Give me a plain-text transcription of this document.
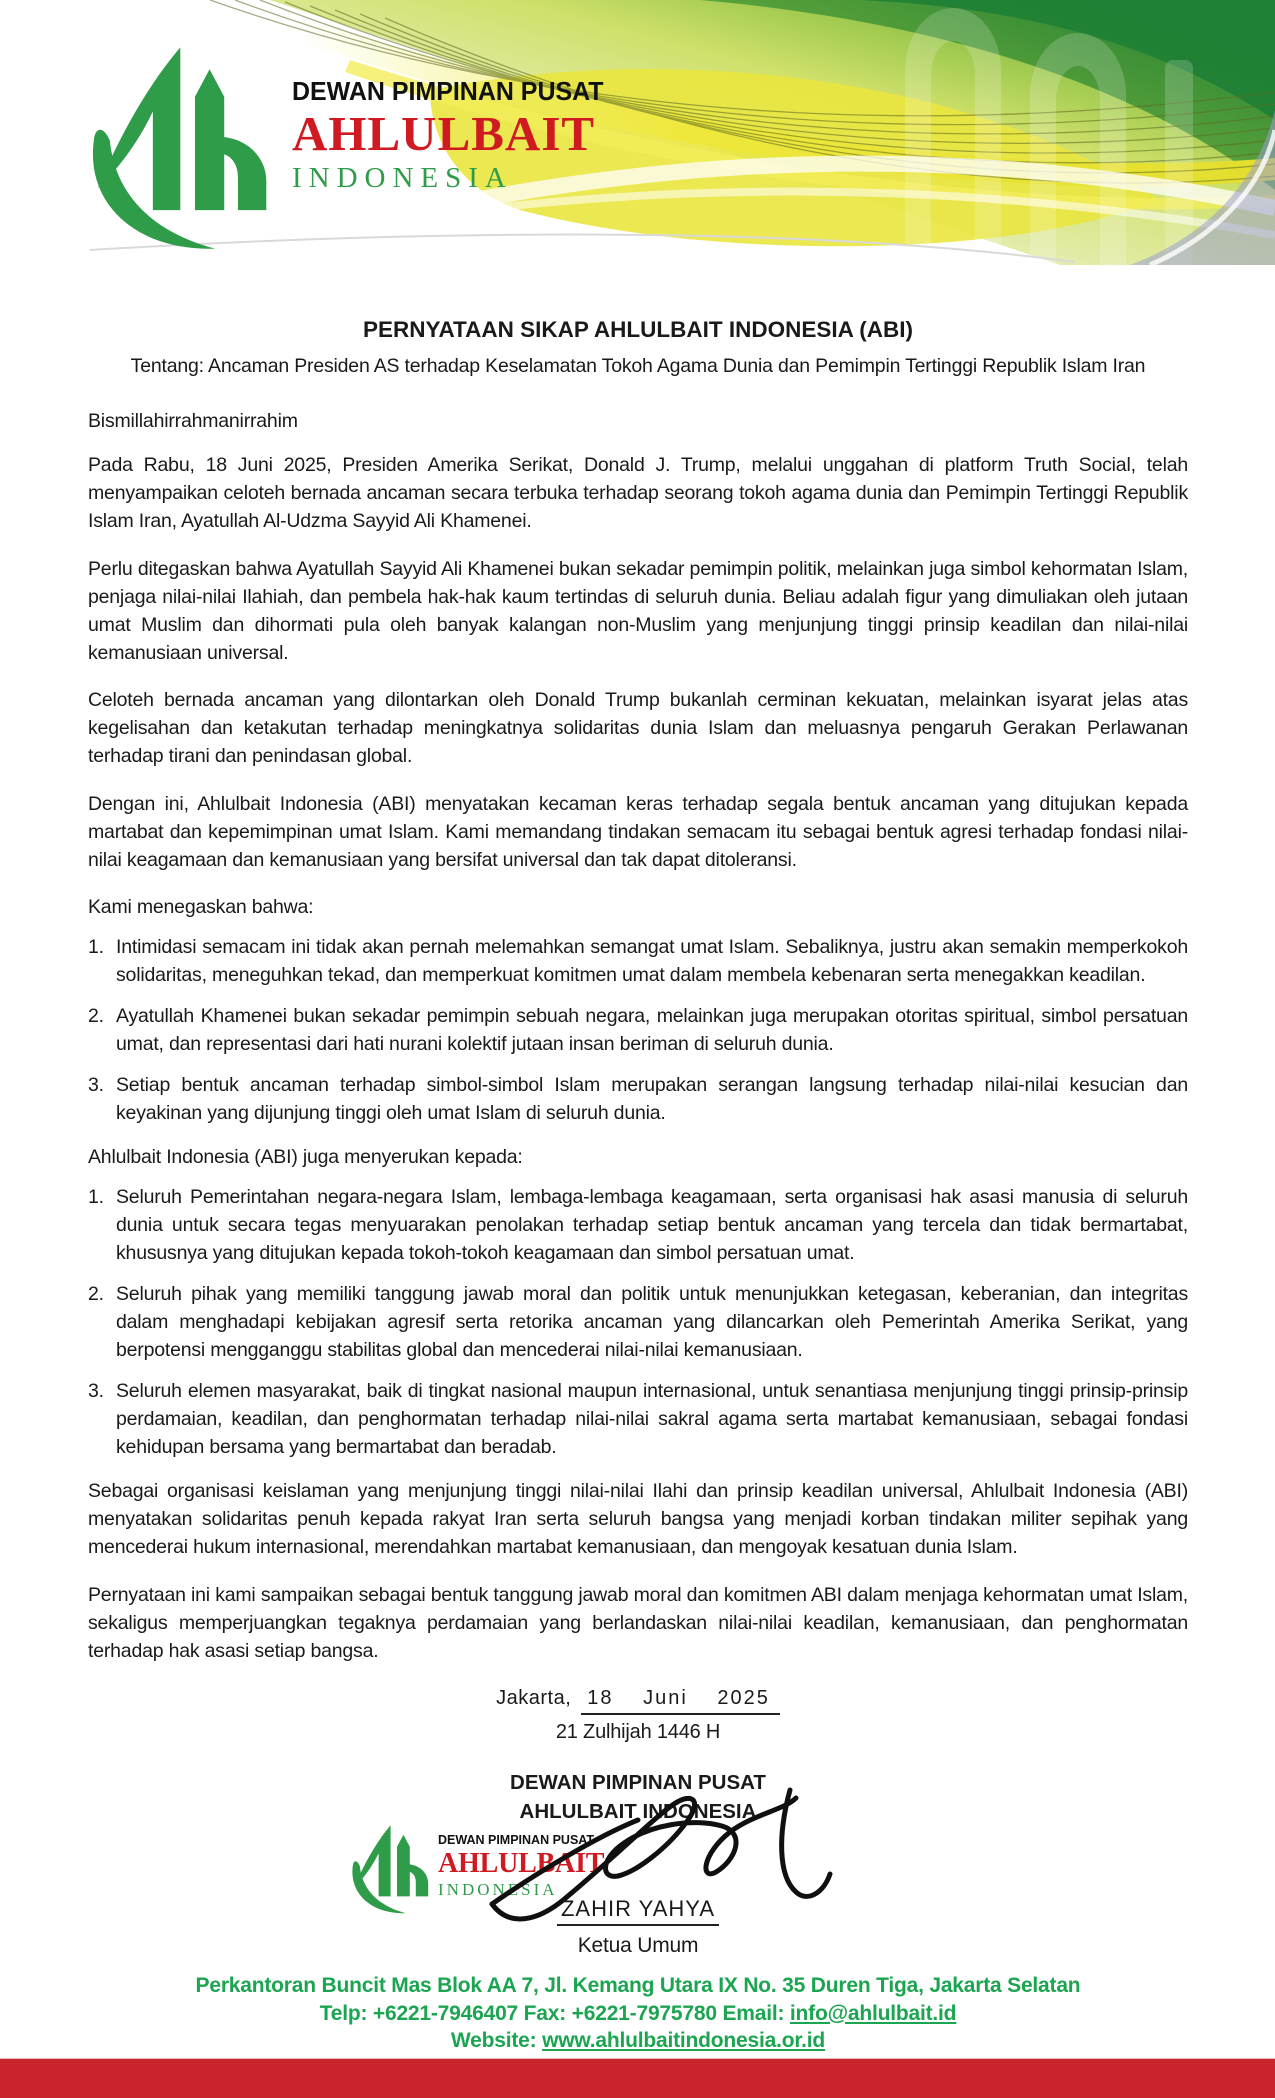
DEWAN PIMPINAN PUSAT
AHLULBAIT
INDONESIA
PERNYATAAN SIKAP AHLULBAIT INDONESIA (ABI)
Tentang: Ancaman Presiden AS terhadap Keselamatan Tokoh Agama Dunia dan Pemimpin Tertinggi Republik Islam Iran
Bismillahirrahmanirrahim

Pada Rabu, 18 Juni 2025, Presiden Amerika Serikat, Donald J. Trump, melalui unggahan di platform Truth Social, telah menyampaikan celoteh bernada ancaman secara terbuka terhadap seorang tokoh agama dunia dan Pemimpin Tertinggi Republik Islam Iran, Ayatullah Al-Udzma Sayyid Ali Khamenei.

Perlu ditegaskan bahwa Ayatullah Sayyid Ali Khamenei bukan sekadar pemimpin politik, melainkan juga simbol kehormatan Islam, penjaga nilai-nilai Ilahiah, dan pembela hak-hak kaum tertindas di seluruh dunia. Beliau adalah figur yang dimuliakan oleh jutaan umat Muslim dan dihormati pula oleh banyak kalangan non-Muslim yang menjunjung tinggi prinsip keadilan dan nilai-nilai kemanusiaan universal.

Celoteh bernada ancaman yang dilontarkan oleh Donald Trump bukanlah cerminan kekuatan, melainkan isyarat jelas atas kegelisahan dan ketakutan terhadap meningkatnya solidaritas dunia Islam dan meluasnya pengaruh Gerakan Perlawanan terhadap tirani dan penindasan global.

Dengan ini, Ahlulbait Indonesia (ABI) menyatakan kecaman keras terhadap segala bentuk ancaman yang ditujukan kepada martabat dan kepemimpinan umat Islam. Kami memandang tindakan semacam itu sebagai bentuk agresi terhadap fondasi nilai-nilai keagamaan dan kemanusiaan yang bersifat universal dan tak dapat ditoleransi.

Kami menegaskan bahwa:
Intimidasi semacam ini tidak akan pernah melemahkan semangat umat Islam. Sebaliknya, justru akan semakin memperkokoh solidaritas, meneguhkan tekad, dan memperkuat komitmen umat dalam membela kebenaran serta menegakkan keadilan.
Ayatullah Khamenei bukan sekadar pemimpin sebuah negara, melainkan juga merupakan otoritas spiritual, simbol persatuan umat, dan representasi dari hati nurani kolektif jutaan insan beriman di seluruh dunia.
Setiap bentuk ancaman terhadap simbol-simbol Islam merupakan serangan langsung terhadap nilai-nilai kesucian dan keyakinan yang dijunjung tinggi oleh umat Islam di seluruh dunia.
Ahlulbait Indonesia (ABI) juga menyerukan kepada:
Seluruh Pemerintahan negara-negara Islam, lembaga-lembaga keagamaan, serta organisasi hak asasi manusia di seluruh dunia untuk secara tegas menyuarakan penolakan terhadap setiap bentuk ancaman yang tercela dan tidak bermartabat, khususnya yang ditujukan kepada tokoh-tokoh keagamaan dan simbol persatuan umat.
Seluruh pihak yang memiliki tanggung jawab moral dan politik untuk menunjukkan ketegasan, keberanian, dan integritas dalam menghadapi kebijakan agresif serta retorika ancaman yang dilancarkan oleh Pemerintah Amerika Serikat, yang berpotensi mengganggu stabilitas global dan mencederai nilai-nilai kemanusiaan.
Seluruh elemen masyarakat, baik di tingkat nasional maupun internasional, untuk senantiasa menjunjung tinggi prinsip-prinsip perdamaian, keadilan, dan penghormatan terhadap nilai-nilai sakral agama serta martabat kemanusiaan, sebagai fondasi kehidupan bersama yang bermartabat dan beradab.

Sebagai organisasi keislaman yang menjunjung tinggi nilai-nilai Ilahi dan prinsip keadilan universal, Ahlulbait Indonesia (ABI) menyatakan solidaritas penuh kepada rakyat Iran serta seluruh bangsa yang menjadi korban tindakan militer sepihak yang mencederai hukum internasional, merendahkan martabat kemanusiaan, dan mengoyak kesatuan dunia Islam.

Pernyataan ini kami sampaikan sebagai bentuk tanggung jawab moral dan komitmen ABI dalam menjaga kehormatan umat Islam, sekaligus memperjuangkan tegaknya perdamaian yang berlandaskan nilai-nilai keadilan, kemanusiaan, dan penghormatan terhadap hak asasi setiap bangsa.

Jakarta, 18 Juni 2025
21 Zulhijah 1446 H
DEWAN PIMPINAN PUSAT
AHLULBAIT INDONESIA
DEWAN PIMPINAN PUSAT
AHLULBAIT
INDONESIA
ZAHIR YAHYA
Ketua Umum
Perkantoran Buncit Mas Blok AA 7, Jl. Kemang Utara IX No. 35 Duren Tiga, Jakarta Selatan
Telp: +6221-7946407 Fax: +6221-7975780 Email: info@ahlulbait.id
Website: www.ahlulbaitindonesia.or.id
